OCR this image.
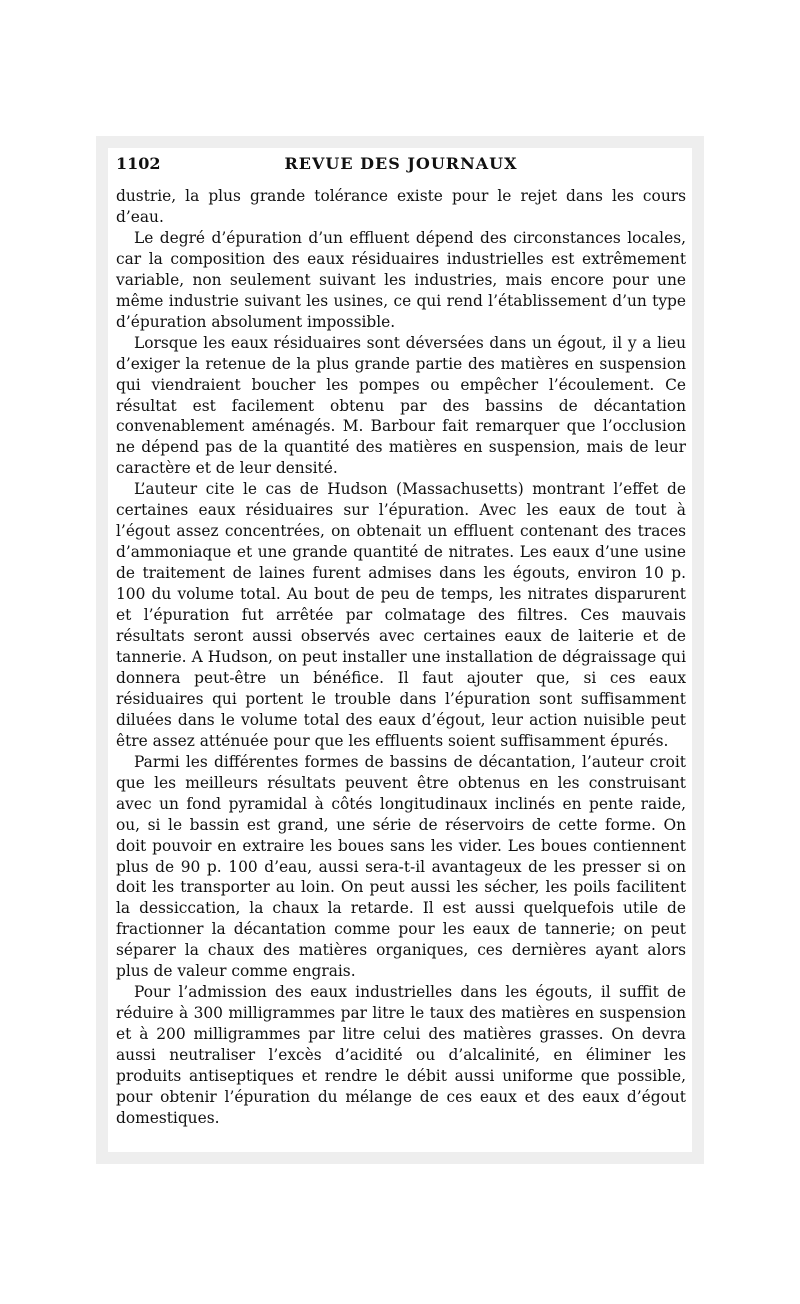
1102	REVUE DES JOURNAUX

dustrie, la plus grande tolérance existe pour le rejet dans les cours d’eau.

Le degré d’épuration d’un effluent dépend des circonstances locales, car la composition des eaux résiduaires industrielles est extrêmement variable, non seulement suivant les industries, mais encore pour une même industrie suivant les usines, ce qui rend l’établissement d’un type d’épuration absolument impossible.

Lorsque les eaux résiduaires sont déversées dans un égout, il y a lieu d’exiger la retenue de la plus grande partie des matières en suspension qui viendraient boucher les pompes ou empêcher l’écoulement. Ce résultat est facilement obtenu par des bassins de décantation convenablement aménagés. M. Barbour fait remarquer que l’occlusion ne dépend pas de la quantité des matières en suspension, mais de leur caractère et de leur densité.

L’auteur cite le cas de Hudson (Massachusetts) montrant l’effet de certaines eaux résiduaires sur l’épuration. Avec les eaux de tout à l’égout assez concentrées, on obtenait un effluent contenant des traces d’ammoniaque et une grande quantité de nitrates. Les eaux d’une usine de traitement de laines furent admises dans les égouts, environ 10 p. 100 du volume total. Au bout de peu de temps, les nitrates disparurent et l’épuration fut arrêtée par colmatage des filtres. Ces mauvais résultats seront aussi observés avec certaines eaux de laiterie et de tannerie. A Hudson, on peut installer une installation de dégraissage qui donnera peut-être un bénéfice. Il faut ajouter que, si ces eaux résiduaires qui portent le trouble dans l’épuration sont suffisamment diluées dans le volume total des eaux d’égout, leur action nuisible peut être assez atténuée pour que les effluents soient suffisamment épurés.

Parmi les différentes formes de bassins de décantation, l’auteur croit que les meilleurs résultats peuvent être obtenus en les construisant avec un fond pyramidal à côtés longitudinaux inclinés en pente raide, ou, si le bassin est grand, une série de réservoirs de cette forme. On doit pouvoir en extraire les boues sans les vider. Les boues contiennent plus de 90 p. 100 d’eau, aussi sera-t-il avantageux de les presser si on doit les transporter au loin. On peut aussi les sécher, les poils facilitent la dessiccation, la chaux la retarde. Il est aussi quelquefois utile de fractionner la décantation comme pour les eaux de tannerie; on peut séparer la chaux des matières organiques, ces dernières ayant alors plus de valeur comme engrais.

Pour l’admission des eaux industrielles dans les égouts, il suffit de réduire à 300 milligrammes par litre le taux des matières en suspension et à 200 milligrammes par litre celui des matières grasses. On devra aussi neutraliser l’excès d’acidité ou d’alcalinité, en éliminer les produits antiseptiques et rendre le débit aussi uniforme que possible, pour obtenir l’épuration du mélange de ces eaux et des eaux d’égout domestiques.
